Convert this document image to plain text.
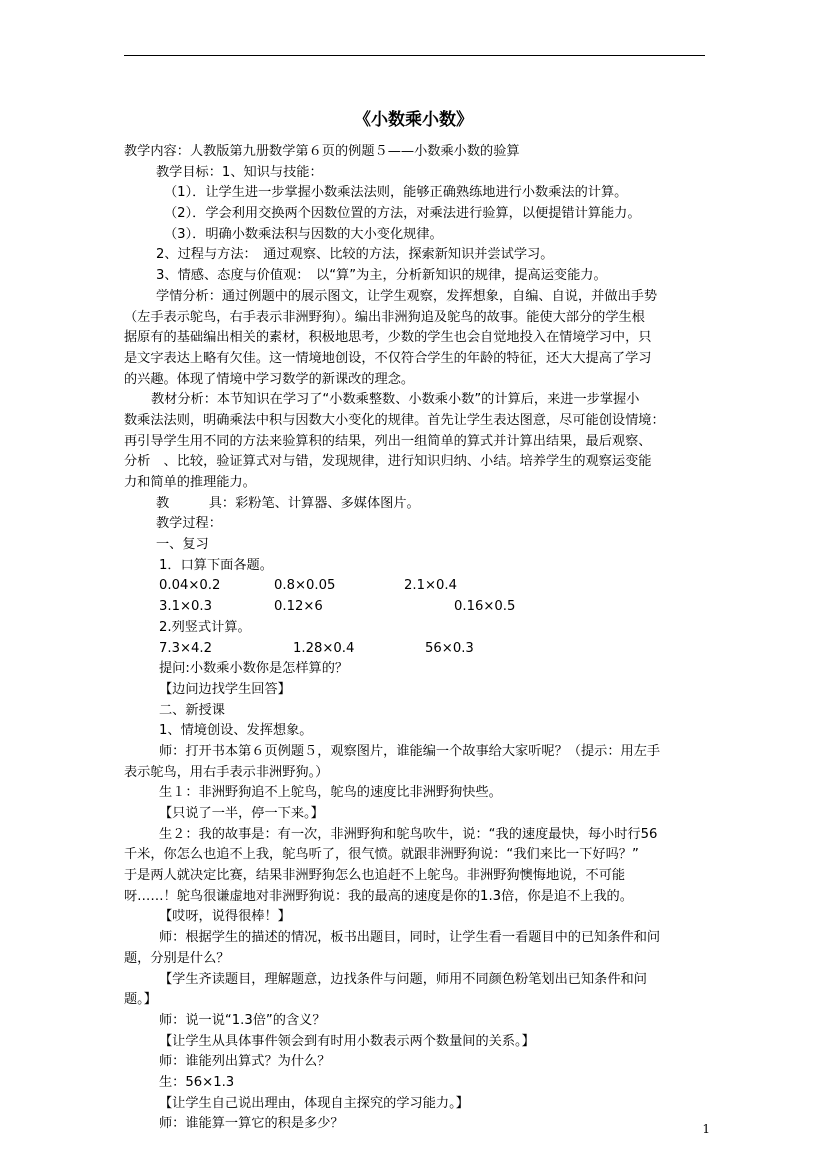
《小数乘小数》
教学内容：人教版第九册数学第６页的例题５——小数乘小数的验算
教学目标：1、知识与技能：
（1）．让学生进一步掌握小数乘法法则，能够正确熟练地进行小数乘法的计算。
（2）．学会利用交换两个因数位置的方法，对乘法进行验算，以便提错计算能力。
（3）．明确小数乘法积与因数的大小变化规律。
2、过程与方法：　通过观察、比较的方法，探索新知识并尝试学习。
3、情感、态度与价值观：　以“算”为主，分析新知识的规律，提高运变能力。
学情分析：通过例题中的展示图文，让学生观察，发挥想象，自编、自说，并做出手势
（左手表示鸵鸟，右手表示非洲野狗）。编出非洲狗追及鸵鸟的故事。能使大部分的学生根
据原有的基础编出相关的素材，积极地思考，少数的学生也会自觉地投入在情境学习中，只
是文字表达上略有欠佳。这一情境地创设，不仅符合学生的年龄的特征，还大大提高了学习
的兴趣。体现了情境中学习数学的新课改的理念。
教材分析：本节知识在学习了“小数乘整数、小数乘小数”的计算后，来进一步掌握小
数乘法法则，明确乘法中积与因数大小变化的规律。首先让学生表达图意，尽可能创设情境：
再引导学生用不同的方法来验算积的结果，列出一组简单的算式并计算出结果，最后观察、
分析　、比较，验证算式对与错，发现规律，进行知识归纳、小结。培养学生的观察运变能
力和简单的推理能力。
教　　　具：彩粉笔、计算器、多媒体图片。
教学过程：
一、复习
1．口算下面各题。
0.04×0.2	0.8×0.05	2.1×0.4
3.1×0.3	0.12×6	0.16×0.5
2.列竖式计算。
7.3×4.2	1.28×0.4	56×0.3
提问:小数乘小数你是怎样算的？
【边问边找学生回答】
二、新授课
1、情境创设、发挥想象。
师：打开书本第６页例题５，观察图片，谁能编一个故事给大家听呢？（提示：用左手
表示鸵鸟，用右手表示非洲野狗。）
生１：非洲野狗追不上鸵鸟，鸵鸟的速度比非洲野狗快些。
【只说了一半，停一下来。】
生２：我的故事是：有一次，非洲野狗和鸵鸟吹牛，说：“我的速度最快，每小时行56
千米，你怎么也追不上我，鸵鸟听了，很气愤。就跟非洲野狗说：“我们来比一下好吗？”
于是两人就决定比赛，结果非洲野狗怎么也追赶不上鸵鸟。非洲野狗懊悔地说，不可能
呀……！鸵鸟很谦虚地对非洲野狗说：我的最高的速度是你的1.3倍，你是追不上我的。
【哎呀，说得很棒！】
师：根据学生的描述的情况，板书出题目，同时，让学生看一看题目中的已知条件和问
题，分别是什么？
【学生齐读题目，理解题意，边找条件与问题，师用不同颜色粉笔划出已知条件和问
题。】
师：说一说“1.3倍”的含义？
【让学生从具体事件领会到有时用小数表示两个数量间的关系。】
师：谁能列出算式？为什么？
生：56×1.3
【让学生自己说出理由，体现自主探究的学习能力。】
师：谁能算一算它的积是多少？	1
